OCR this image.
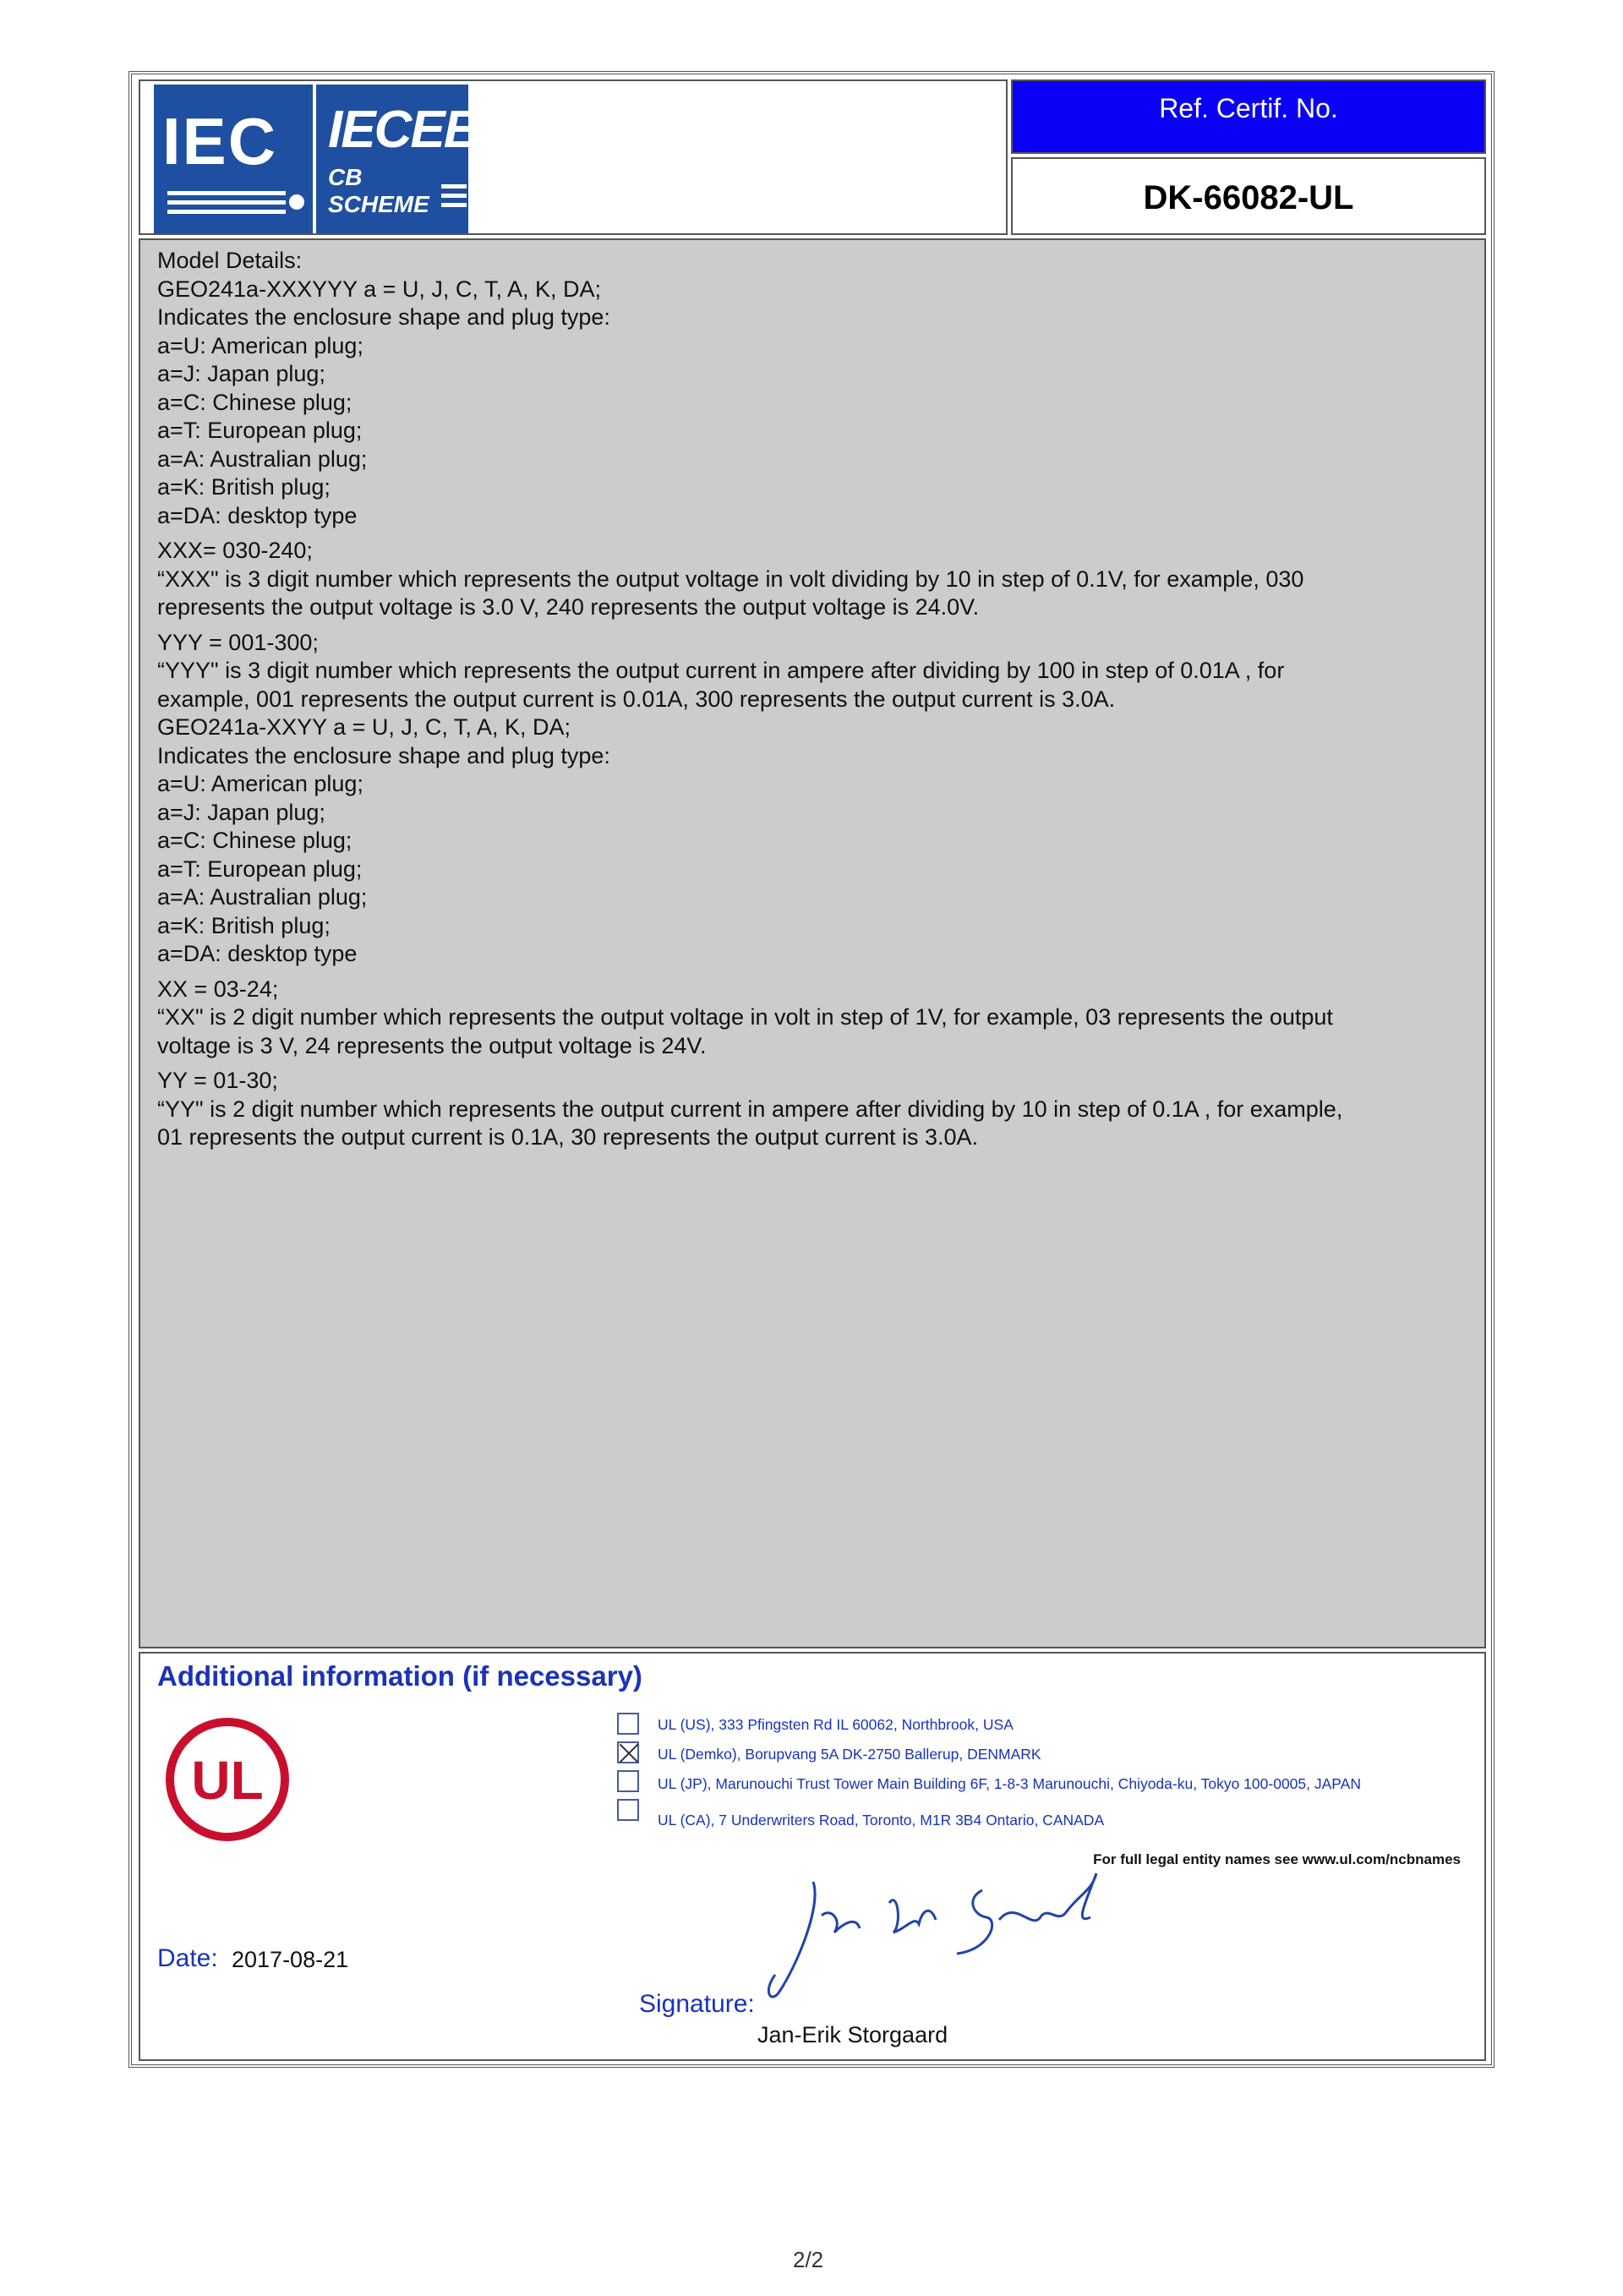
IEC IECEE
CB
SCHEME
Ref. Certif. No.
DK-66082-UL

Model Details:

GEO241a-XXXYYY a = U, J, C, T, A, K, DA;

Indicates the enclosure shape and plug type:

a=U: American plug;

a=J: Japan plug;

a=C: Chinese plug;

a=T: European plug;

a=A: Australian plug;

a=K: British plug;

a=DA: desktop type

XXX= 030-240;

“XXX" is 3 digit number which represents the output voltage in volt dividing by 10 in step of 0.1V, for example, 030

represents the output voltage is 3.0 V, 240 represents the output voltage is 24.0V.

YYY = 001-300;

“YYY" is 3 digit number which represents the output current in ampere after dividing by 100 in step of 0.01A , for

example, 001 represents the output current is 0.01A, 300 represents the output current is 3.0A.

GEO241a-XXYY a = U, J, C, T, A, K, DA;

Indicates the enclosure shape and plug type:

a=U: American plug;

a=J: Japan plug;

a=C: Chinese plug;

a=T: European plug;

a=A: Australian plug;

a=K: British plug;

a=DA: desktop type

XX = 03-24;

“XX" is 2 digit number which represents the output voltage in volt in step of 1V, for example, 03 represents the output

voltage is 3 V, 24 represents the output voltage is 24V.

YY = 01-30;

“YY" is 2 digit number which represents the output current in ampere after dividing by 10 in step of 0.1A , for example,

01 represents the output current is 0.1A, 30 represents the output current is 3.0A.

Additional information (if necessary)
UL
UL (US), 333 Pfingsten Rd IL 60062, Northbrook, USA
UL (Demko), Borupvang 5A DK-2750 Ballerup, DENMARK
UL (JP), Marunouchi Trust Tower Main Building 6F, 1-8-3 Marunouchi, Chiyoda-ku, Tokyo 100-0005, JAPAN
UL (CA), 7 Underwriters Road, Toronto, M1R 3B4 Ontario, CANADA
For full legal entity names see www.ul.com/ncbnames
Date: 2017-08-21
Signature:
Jan-Erik Storgaard
2/2
